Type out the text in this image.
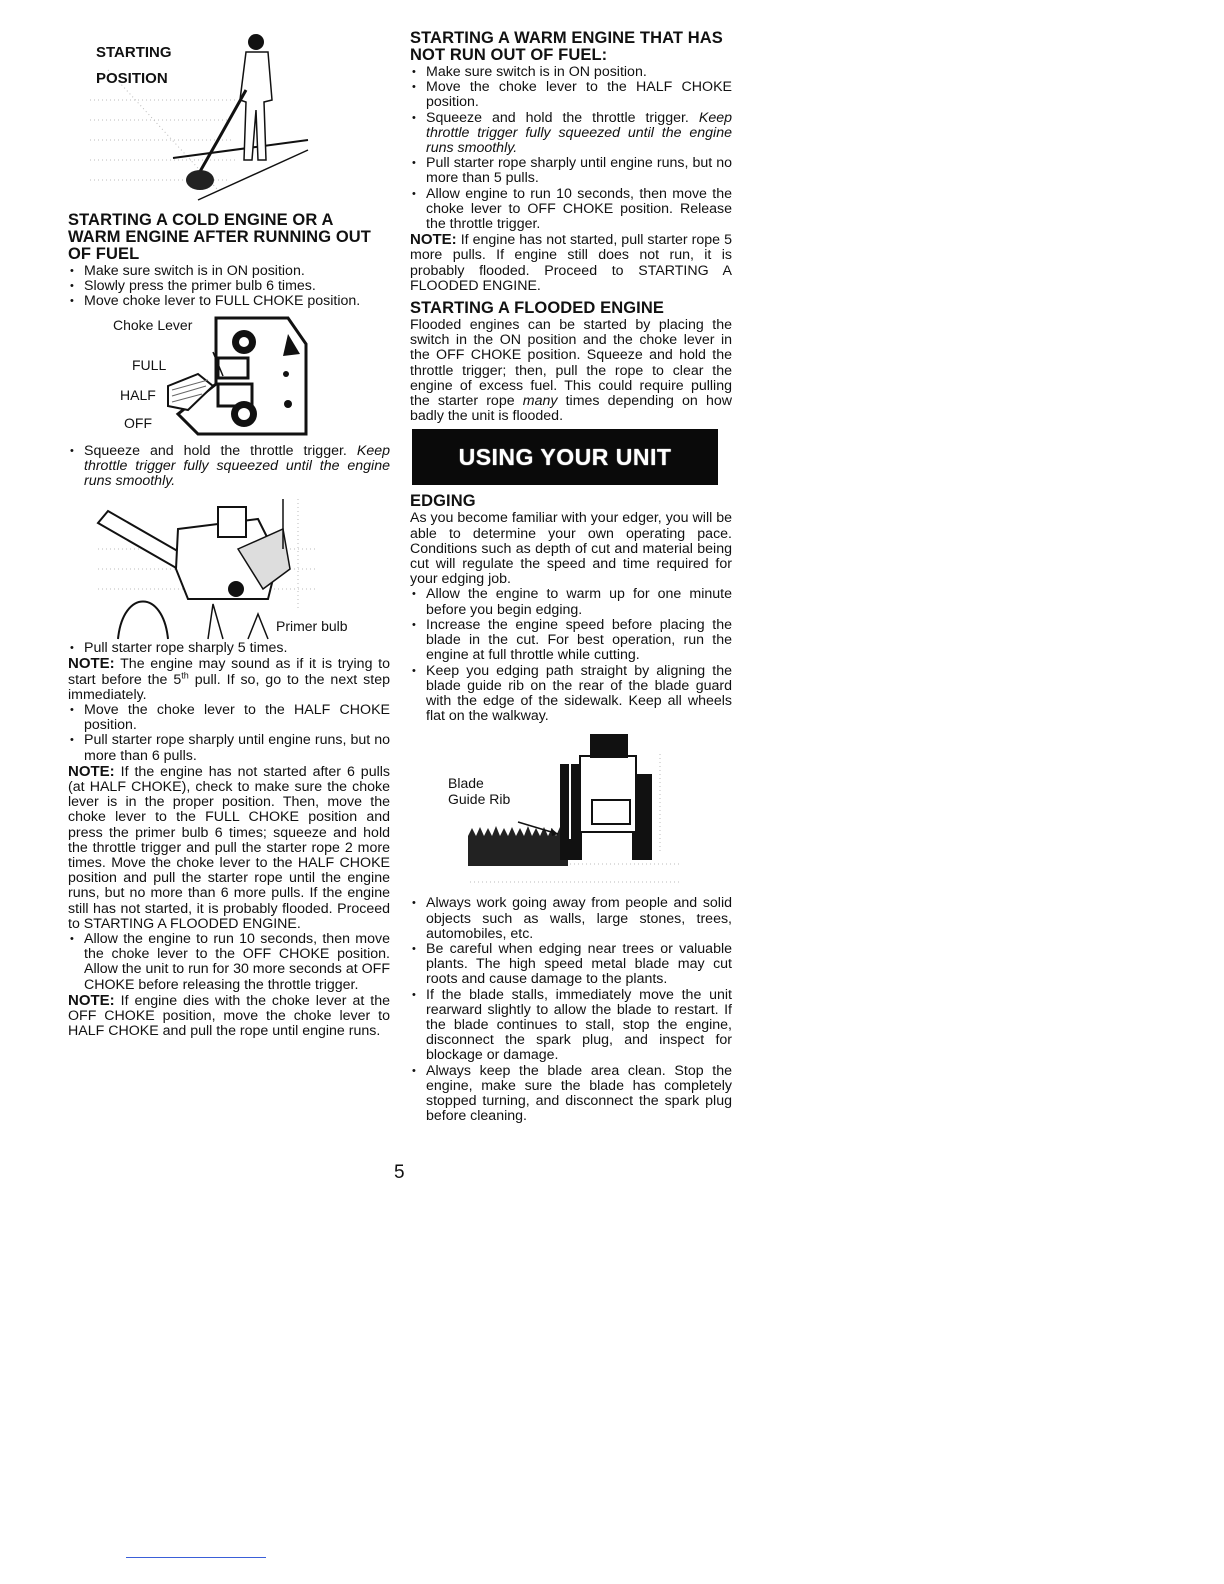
STARTING
POSITION
STARTING A COLD ENGINE OR A WARM ENGINE AFTER RUNNING OUT OF FUEL
• Make sure switch is in ON position.
• Slowly press the primer bulb 6 times.
• Move choke lever to FULL CHOKE position.
Choke Lever
FULL
HALF
OFF
• Squeeze and hold the throttle trigger. Keep throttle trigger fully squeezed until the engine runs smoothly.
Primer bulb
• Pull starter rope sharply 5 times.

NOTE: The engine may sound as if it is trying to start before the 5th pull. If so, go to the next step immediately.

• Move the choke lever to the HALF CHOKE position.
• Pull starter rope sharply until engine runs, but no more than 6 pulls.

NOTE: If the engine has not started after 6 pulls (at HALF CHOKE), check to make sure the choke lever is in the proper position. Then, move the choke lever to the FULL CHOKE position and press the primer bulb 6 times; squeeze and hold the throttle trigger and pull the starter rope 2 more times. Move the choke lever to the HALF CHOKE position and pull the starter rope until the engine runs, but no more than 6 more pulls. If the engine still has not started, it is probably flooded. Proceed to STARTING A FLOODED ENGINE.

• Allow the engine to run 10 seconds, then move the choke lever to the OFF CHOKE position. Allow the unit to run for 30 more seconds at OFF CHOKE before releasing the throttle trigger.

NOTE: If engine dies with the choke lever at the OFF CHOKE position, move the choke lever to HALF CHOKE and pull the rope until engine runs.

STARTING A WARM ENGINE THAT HAS NOT RUN OUT OF FUEL:
• Make sure switch is in ON position.
• Move the choke lever to the HALF CHOKE position.
• Squeeze and hold the throttle trigger. Keep throttle trigger fully squeezed until the engine runs smoothly.
• Pull starter rope sharply until engine runs, but no more than 5 pulls.
• Allow engine to run 10 seconds, then move the choke lever to OFF CHOKE position. Release the throttle trigger.

NOTE: If engine has not started, pull starter rope 5 more pulls. If engine still does not run, it is probably flooded. Proceed to STARTING A FLOODED ENGINE.

STARTING A FLOODED ENGINE

Flooded engines can be started by placing the switch in the ON position and the choke lever in the OFF CHOKE position. Squeeze and hold the throttle trigger; then, pull the rope to clear the engine of excess fuel. This could require pulling the starter rope many times depending on how badly the unit is flooded.

USING YOUR UNIT
EDGING

As you become familiar with your edger, you will be able to determine your own operating pace. Conditions such as depth of cut and material being cut will regulate the speed and time required for your edging job.

• Allow the engine to warm up for one minute before you begin edging.
• Increase the engine speed before placing the blade in the cut. For best operation, run the engine at full throttle while cutting.
• Keep you edging path straight by aligning the blade guide rib on the rear of the blade guard with the edge of the sidewalk. Keep all wheels flat on the walkway.
Blade
Guide Rib
• Always work going away from people and solid objects such as walls, large stones, trees, automobiles, etc.
• Be careful when edging near trees or valuable plants. The high speed metal blade may cut roots and cause damage to the plants.
• If the blade stalls, immediately move the unit rearward slightly to allow the blade to restart. If the blade continues to stall, stop the engine, disconnect the spark plug, and inspect for blockage or damage.
• Always keep the blade area clean. Stop the engine, make sure the blade has completely stopped turning, and disconnect the spark plug before cleaning.
5
